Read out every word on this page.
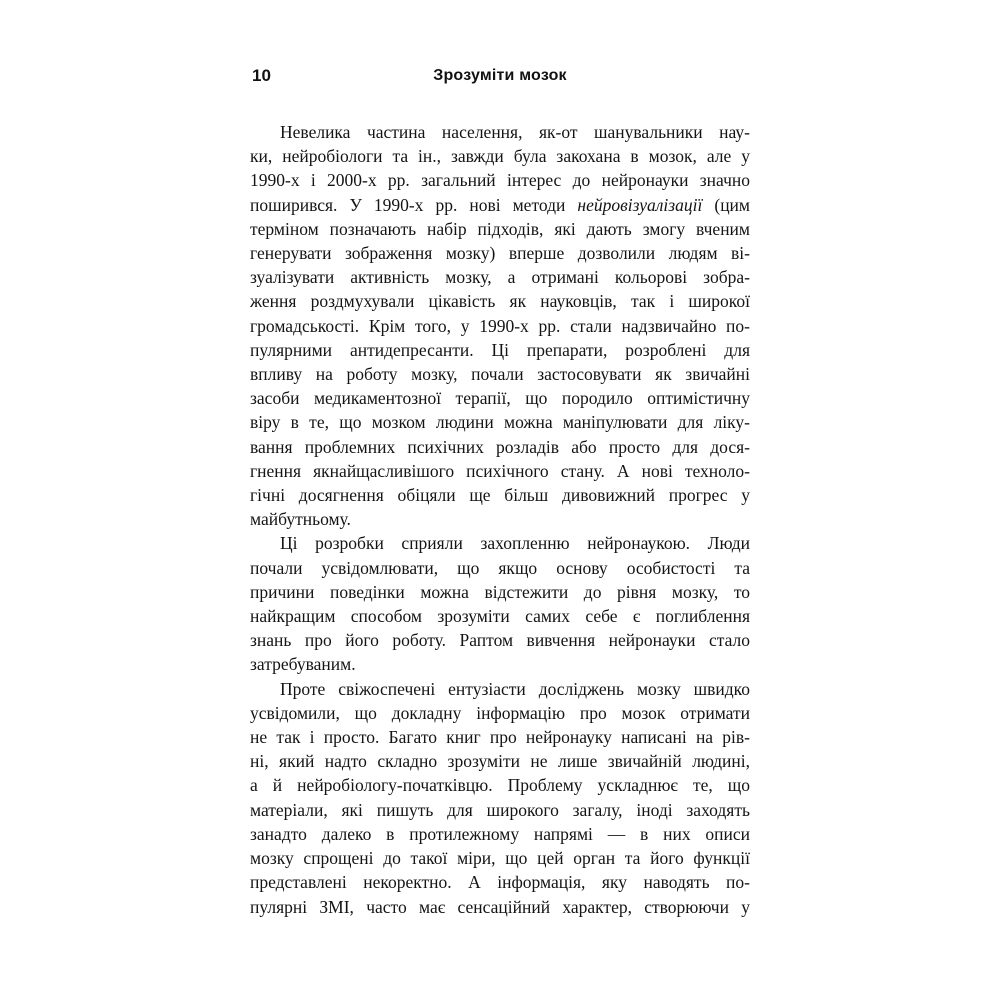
10	Зрозуміти мозок

Невелика частина населення, як-от шанувальники нау-
ки, нейробіологи та ін., завжди була закохана в мозок, але у
1990-х і 2000-х рр. загальний інтерес до нейронауки значно
поширився. У 1990-х рр. нові методи нейровізуалізації (цим
терміном позначають набір підходів, які дають змогу вченим
генерувати зображення мозку) вперше дозволили людям ві-
зуалізувати активність мозку, а отримані кольорові зобра-
ження роздмухували цікавість як науковців, так і широкої
громадськості. Крім того, у 1990-х рр. стали надзвичайно по-
пулярними антидепресанти. Ці препарати, розроблені для
впливу на роботу мозку, почали застосовувати як звичайні
засоби медикаментозної терапії, що породило оптимістичну
віру в те, що мозком людини можна маніпулювати для ліку-
вання проблемних психічних розладів або просто для дося-
гнення якнайщасливішого психічного стану. А нові техноло-
гічні досягнення обіцяли ще більш дивовижний прогрес у
майбутньому.

Ці розробки сприяли захопленню нейронаукою. Люди
почали усвідомлювати, що якщо основу особистості та
причини поведінки можна відстежити до рівня мозку, то
найкращим способом зрозуміти самих себе є поглиблення
знань про його роботу. Раптом вивчення нейронауки стало
затребуваним.

Проте свіжоспечені ентузіасти досліджень мозку швидко
усвідомили, що докладну інформацію про мозок отримати
не так і просто. Багато книг про нейронауку написані на рів-
ні, який надто складно зрозуміти не лише звичайній людині,
а й нейробіологу-початківцю. Проблему ускладнює те, що
матеріали, які пишуть для широкого загалу, іноді заходять
занадто далеко в протилежному напрямі — в них описи
мозку спрощені до такої міри, що цей орган та його функції
представлені некоректно. А інформація, яку наводять по-
пулярні ЗМІ, часто має сенсаційний характер, створюючи у
